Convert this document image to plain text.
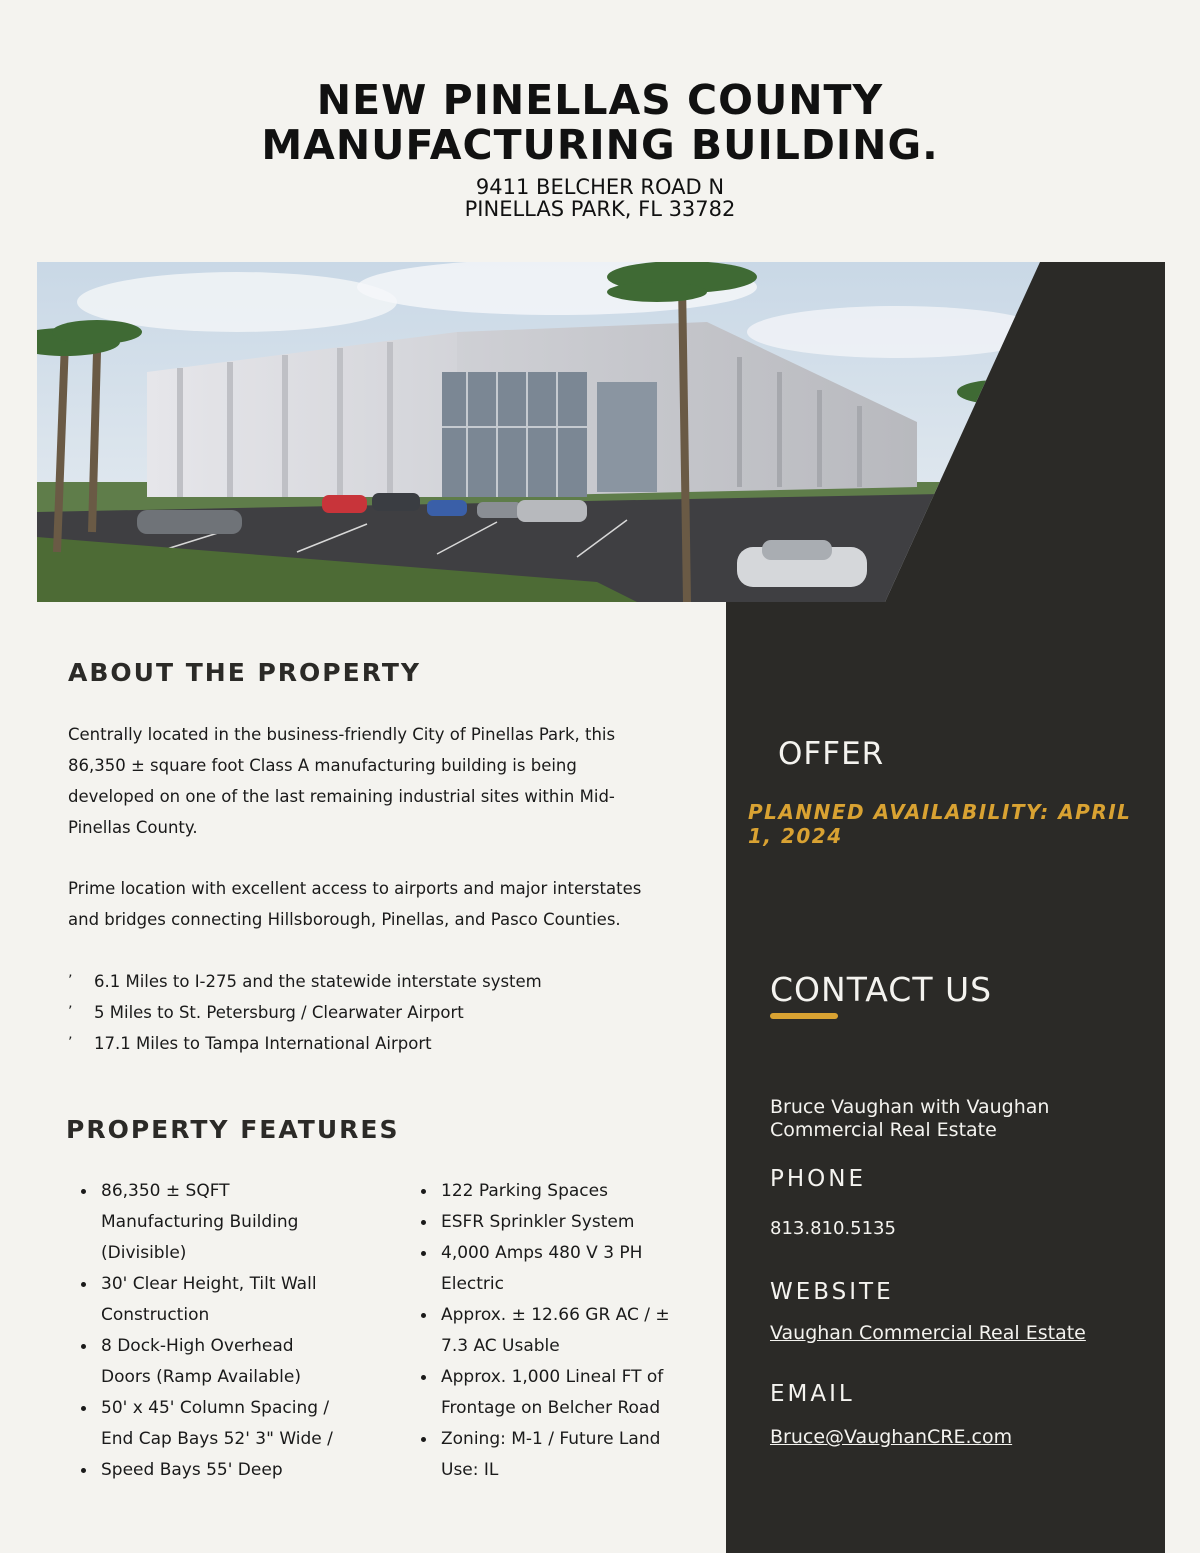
NEW PINELLAS COUNTY
MANUFACTURING BUILDING.
9411 BELCHER ROAD N
PINELLAS PARK, FL 33782
ABOUT THE PROPERTY

Centrally located in the business-friendly City of Pinellas Park, this 86,350 ± square foot Class A manufacturing building is being developed on one of the last remaining industrial sites within Mid-Pinellas County.

Prime location with excellent access to airports and major interstates and bridges connecting Hillsborough, Pinellas, and Pasco Counties.

’ 6.1 Miles to I-275 and the statewide interstate system
’ 5 Miles to St. Petersburg / Clearwater Airport
’ 17.1 Miles to Tampa International Airport
PROPERTY FEATURES
86,350 ± SQFT Manufacturing Building (Divisible)
30' Clear Height, Tilt Wall Construction
8 Dock-High Overhead Doors (Ramp Available)
50' x 45' Column Spacing / End Cap Bays 52' 3" Wide /
Speed Bays 55' Deep
122 Parking Spaces
ESFR Sprinkler System
4,000 Amps 480 V 3 PH Electric
Approx. ± 12.66 GR AC / ± 7.3 AC Usable
Approx. 1,000 Lineal FT of Frontage on Belcher Road
Zoning: M-1 / Future Land Use: IL
OFFER
PLANNED AVAILABILITY: APRIL 1, 2024
CONTACT US
Bruce Vaughan with Vaughan Commercial Real Estate
PHONE
813.810.5135
WEBSITE
Vaughan Commercial Real Estate
EMAIL
Bruce@VaughanCRE.com
